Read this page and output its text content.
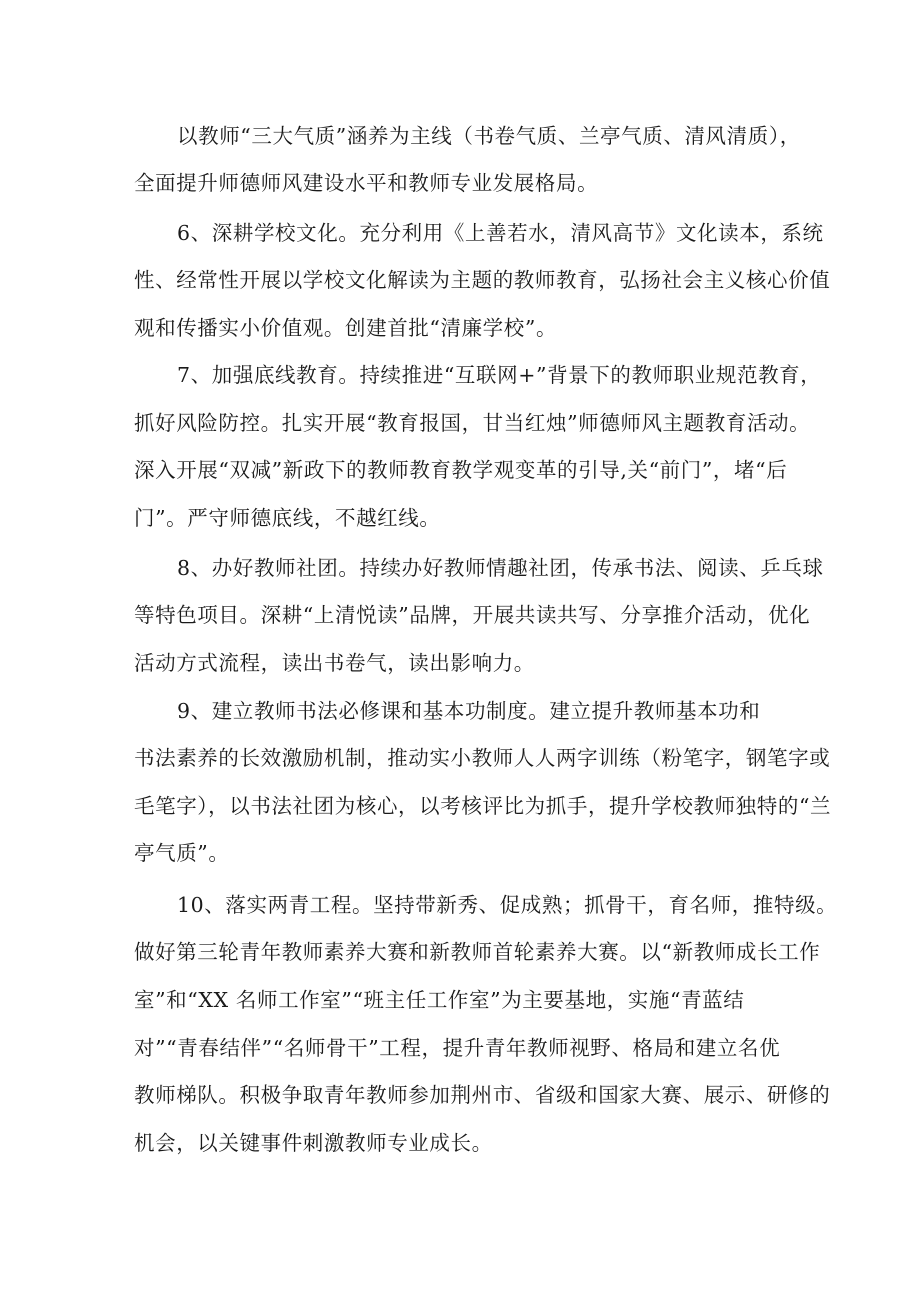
以教师“三大气质”涵养为主线（书卷气质、兰亭气质、清风清质），
全面提升师德师风建设水平和教师专业发展格局。
6、深耕学校文化。充分利用《上善若水，清风高节》文化读本，系统
性、经常性开展以学校文化解读为主题的教师教育，弘扬社会主义核心价值
观和传播实小价值观。创建首批“清廉学校”。
7、加强底线教育。持续推进“互联网+”背景下的教师职业规范教育，
抓好风险防控。扎实开展“教育报国，甘当红烛”师德师风主题教育活动。
深入开展“双减”新政下的教师教育教学观变革的引导,关“前门”，堵“后
门”。严守师德底线，不越红线。
8、办好教师社团。持续办好教师情趣社团，传承书法、阅读、乒乓球
等特色项目。深耕“上清悦读”品牌，开展共读共写、分享推介活动，优化
活动方式流程，读出书卷气，读出影响力。
9、建立教师书法必修课和基本功制度。建立提升教师基本功和
书法素养的长效激励机制，推动实小教师人人两字训练（粉笔字，钢笔字或
毛笔字），以书法社团为核心，以考核评比为抓手，提升学校教师独特的“兰
亭气质”。
10、落实两青工程。坚持带新秀、促成熟；抓骨干，育名师，推特级。
做好第三轮青年教师素养大赛和新教师首轮素养大赛。以“新教师成长工作
室”和“XX 名师工作室”“班主任工作室”为主要基地，实施“青蓝结
对”“青春结伴”“名师骨干”工程，提升青年教师视野、格局和建立名优
教师梯队。积极争取青年教师参加荆州市、省级和国家大赛、展示、研修的
机会，以关键事件刺激教师专业成长。
